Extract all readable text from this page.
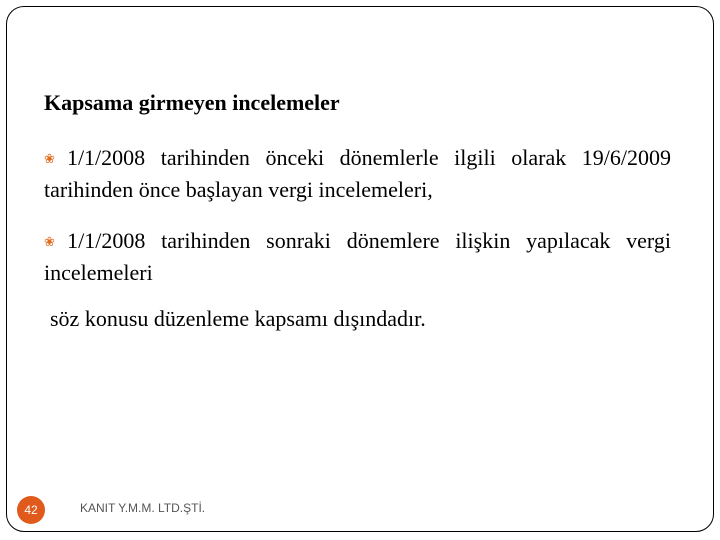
Kapsama girmeyen incelemeler

❀1/1/2008 tarihinden önceki dönemlerle ilgili olarak 19/6/2009 tarihinden önce başlayan vergi incelemeleri,

❀1/1/2008 tarihinden sonraki dönemlere ilişkin yapılacak vergi incelemeleri

söz konusu düzenleme kapsamı dışındadır.

42	KANIT Y.M.M. LTD.ŞTİ.
